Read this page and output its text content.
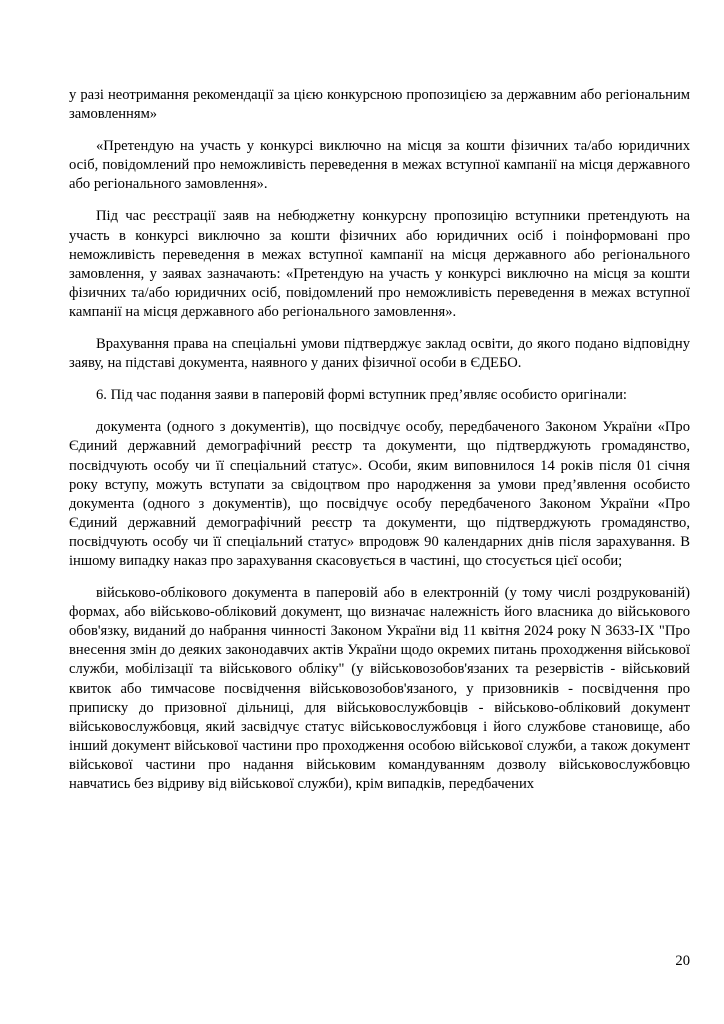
у разі неотримання рекомендації за цією конкурсною пропозицією за державним або регіональним замовленням»

«Претендую на участь у конкурсі виключно на місця за кошти фізичних та/або юридичних осіб, повідомлений про неможливість переведення в межах вступної кампанії на місця державного або регіонального замовлення».

Під час реєстрації заяв на небюджетну конкурсну пропозицію вступники претендують на участь в конкурсі виключно за кошти фізичних або юридичних осіб і поінформовані про неможливість переведення в межах вступної кампанії на місця державного або регіонального замовлення, у заявах зазначають: «Претендую на участь у конкурсі виключно на місця за кошти фізичних та/або юридичних осіб, повідомлений про неможливість переведення в межах вступної кампанії на місця державного або регіонального замовлення».

Врахування права на спеціальні умови підтверджує заклад освіти, до якого подано відповідну заяву, на підставі документа, наявного у даних фізичної особи в ЄДЕБО.

6. Під час подання заяви в паперовій формі вступник пред’являє особисто оригінали:

документа (одного з документів), що посвідчує особу, передбаченого Законом України «Про Єдиний державний демографічний реєстр та документи, що підтверджують громадянство, посвідчують особу чи її спеціальний статус». Особи, яким виповнилося 14 років після 01 січня року вступу, можуть вступати за свідоцтвом про народження за умови пред’явлення особисто документа (одного з документів), що посвідчує особу передбаченого Законом України «Про Єдиний державний демографічний реєстр та документи, що підтверджують громадянство, посвідчують особу чи її спеціальний статус» впродовж 90 календарних днів після зарахування. В іншому випадку наказ про зарахування скасовується в частині, що стосується цієї особи;

військово-облікового документа в паперовій або в електронній (у тому числі роздрукованій) формах, або військово-обліковий документ, що визначає належність його власника до військового обов'язку, виданий до набрання чинності Законом України від 11 квітня 2024 року N 3633-IX "Про внесення змін до деяких законодавчих актів України щодо окремих питань проходження військової служби, мобілізації та військового обліку" (у військовозобов'язаних та резервістів - військовий квиток або тимчасове посвідчення військовозобов'язаного, у призовників - посвідчення про приписку до призовної дільниці, для військовослужбовців - військово-обліковий документ військовослужбовця, який засвідчує статус військовослужбовця і його службове становище, або інший документ військової частини про проходження особою військової служби, а також документ військової частини про надання військовим командуванням дозволу військовослужбовцю навчатись без відриву від військової служби), крім випадків, передбачених

20
